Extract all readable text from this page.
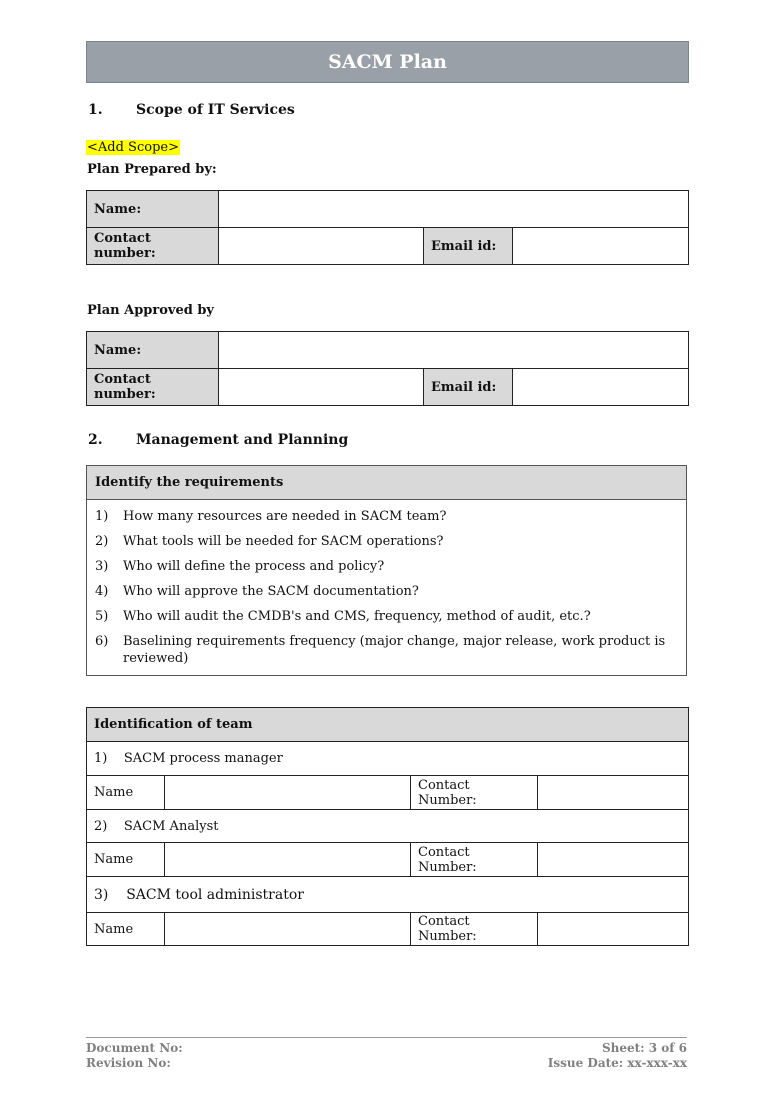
SACM Plan
1. Scope of IT Services
<Add Scope>
Plan Prepared by:
Name:			
Contact number:		Email id:	
Plan Approved by
Name:			
Contact number:		Email id:	
2. Management and Planning
Identify the requirements
1) How many resources are needed in SACM team?
2) What tools will be needed for SACM operations?
3) Who will define the process and policy?
4) Who will approve the SACM documentation?
5) Who will audit the CMDB's and CMS, frequency, method of audit, etc.?
6) Baselining requirements frequency (major change, major release, work product is reviewed)
Identification of team			
1) SACM process manager			
Name		Contact Number:	
2) SACM Analyst			
Name		Contact Number:	
3) SACM tool administrator			
Name		Contact Number:	
Document No:	Sheet: 3 of 6
Revision No:	Issue Date: xx-xxx-xx
